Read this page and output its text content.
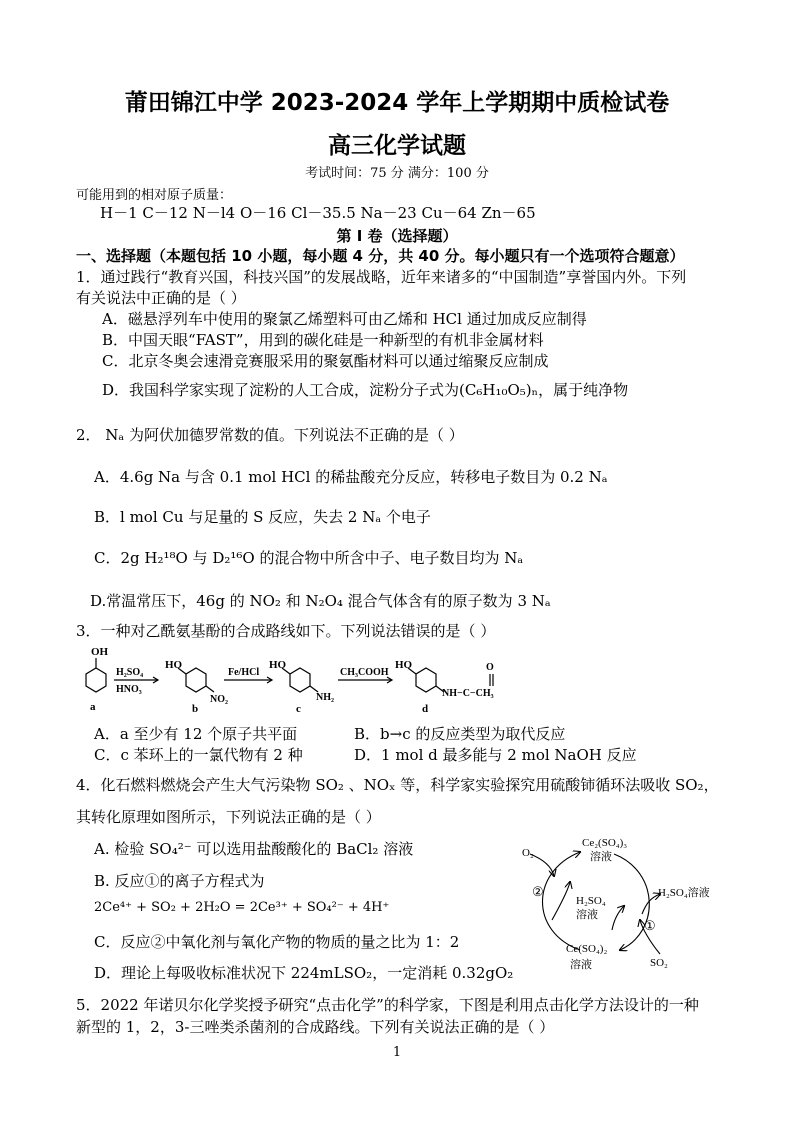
莆田锦江中学 2023-2024 学年上学期期中质检试卷
高三化学试题
考试时间：75 分 满分：100 分
可能用到的相对原子质量：
H－1 C－12 N－l4 O－16 Cl－35.5 Na－23 Cu－64 Zn－65
第 I 卷（选择题）
一、选择题（本题包括 10 小题，每小题 4 分，共 40 分。每小题只有一个选项符合题意）
1．通过践行“教育兴国，科技兴国”的发展战略，近年来诸多的“中国制造”享誉国内外。下列
有关说法中正确的是（ ）
A．磁悬浮列车中使用的聚氯乙烯塑料可由乙烯和 HCl 通过加成反应制得
B．中国天眼“FAST”，用到的碳化硅是一种新型的有机非金属材料
C．北京冬奥会速滑竞赛服采用的聚氨酯材料可以通过缩聚反应制成
D．我国科学家实现了淀粉的人工合成，淀粉分子式为(C₆H₁₀O₅)ₙ，属于纯净物
2． Nₐ 为阿伏加德罗常数的值。下列说法不正确的是（ ）
A．4.6g Na 与含 0.1 mol HCl 的稀盐酸充分反应，转移电子数目为 0.2 Nₐ
B．l mol Cu 与足量的 S 反应，失去 2 Nₐ 个电子
C．2g H₂¹⁸O 与 D₂¹⁶O 的混合物中所含中子、电子数目均为 Nₐ
D.常温常压下，46g 的 NO₂ 和 N₂O₄ 混合气体含有的原子数为 3 Nₐ
3．一种对乙酰氨基酚的合成路线如下。下列说法错误的是（ ）
OH
H₂SO₄
HNO₃
HO
NO₂
Fe/HCl
HO
NH₂
CH₃COOH
HO	O
NH−C−CH₃
a	b	c	d
A．a 至少有 12 个原子共平面	B．b→c 的反应类型为取代反应
C．c 苯环上的一氯代物有 2 种	D．1 mol d 最多能与 2 mol NaOH 反应
4．化石燃料燃烧会产生大气污染物 SO₂ 、NOₓ 等，科学家实验探究用硫酸铈循环法吸收 SO₂，
其转化原理如图所示，下列说法正确的是（ ）
A. 检验 SO₄²⁻ 可以选用盐酸酸化的 BaCl₂ 溶液
B. 反应①的离子方程式为
2Ce⁴⁺ + SO₂ + 2H₂O = 2Ce³⁺ + SO₄²⁻ + 4H⁺
C．反应②中氧化剂与氧化产物的物质的量之比为 1：2
D．理论上每吸收标准状况下 224mLSO₂，一定消耗 0.32gO₂
Ce₂(SO₄)₃
溶液
O₂
②
H₂SO₄
溶液
H₂SO₄溶液
①
Ce(SO₄)₂
溶液	SO₂
5．2022 年诺贝尔化学奖授予研究“点击化学”的科学家，下图是利用点击化学方法设计的一种
新型的 1，2，3-三唑类杀菌剂的合成路线。下列有关说法正确的是（ ）
1
